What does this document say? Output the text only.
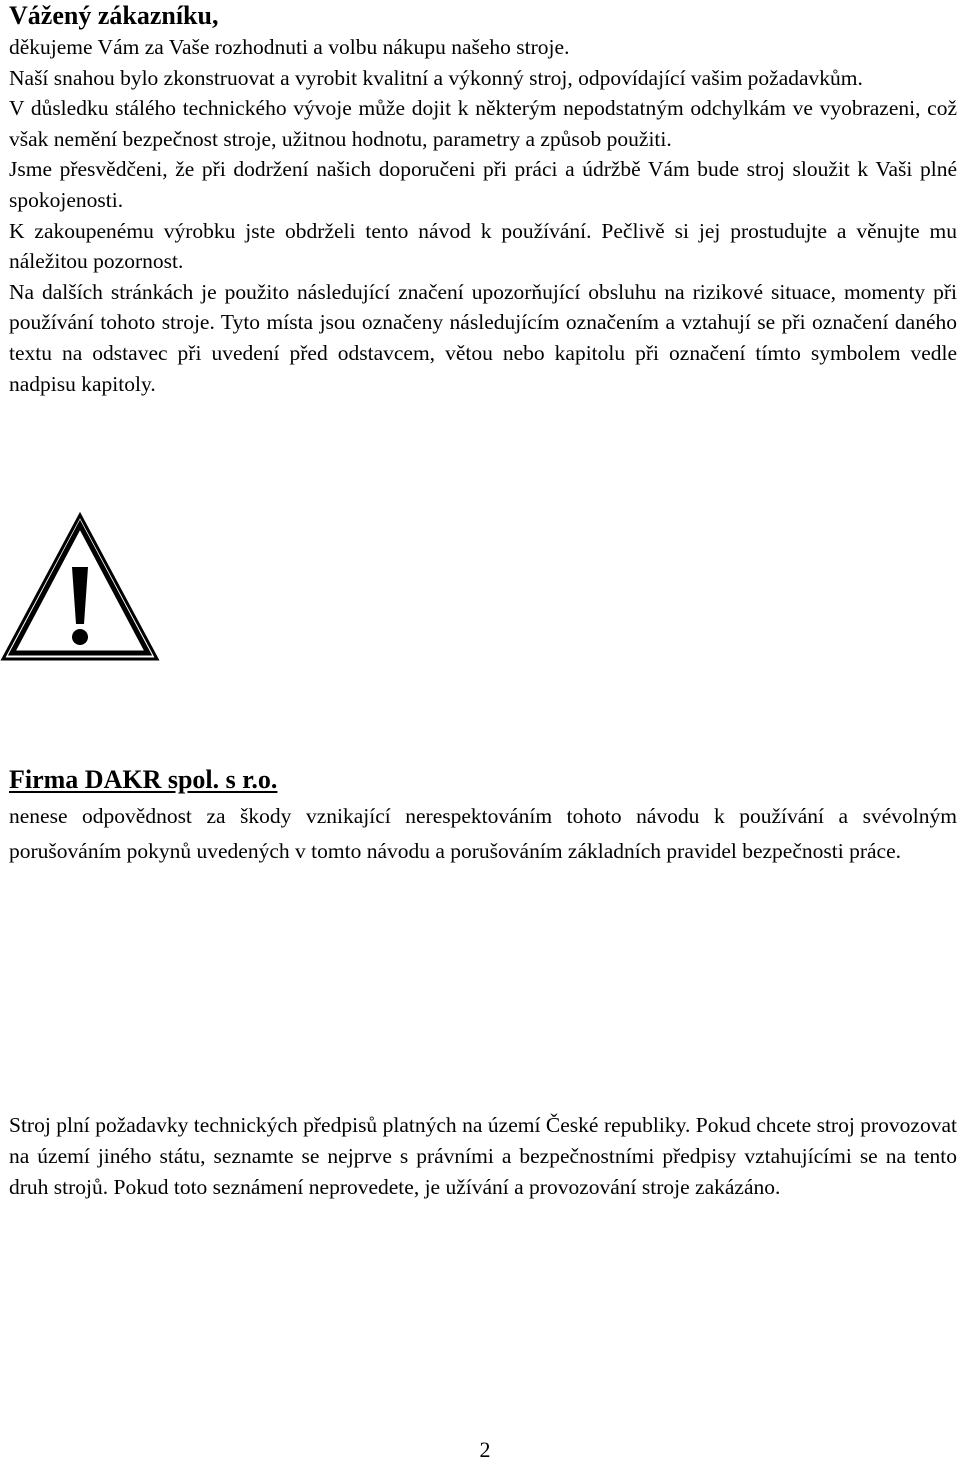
Vážený zákazníku,

děkujeme Vám za Vaše rozhodnuti a volbu nákupu našeho stroje.

Naší snahou bylo zkonstruovat a vyrobit kvalitní a výkonný stroj, odpovídající vašim požadavkům.

V důsledku stálého technického vývoje může dojit k některým nepodstatným odchylkám ve vyobrazeni, což však nemění bezpečnost stroje, užitnou hodnotu, parametry a způsob použiti.

Jsme přesvědčeni, že při dodržení našich doporučeni při práci a údržbě Vám bude stroj sloužit k Vaši plné spokojenosti.

K zakoupenému výrobku jste obdrželi tento návod k používání. Pečlivě si jej prostudujte a věnujte mu náležitou pozornost.

Na dalších stránkách je použito následující značení upozorňující obsluhu na rizikové situace, momenty při používání tohoto stroje. Tyto místa jsou označeny následujícím označením a vztahují se při označení daného textu na odstavec při uvedení před odstavcem, větou nebo kapitolu při označení tímto symbolem vedle nadpisu kapitoly.

Firma DAKR spol. s r.o.

nenese odpovědnost za škody vznikající nerespektováním tohoto návodu k používání a svévolným porušováním pokynů uvedených v tomto návodu a porušováním základních pravidel bezpečnosti práce.

Stroj plní požadavky technických předpisů platných na území České republiky. Pokud chcete stroj provozovat na území jiného státu, seznamte se nejprve s právními a bezpečnostními předpisy vztahujícími se na tento druh strojů. Pokud toto seznámení neprovedete, je užívání a provozování stroje zakázáno.

2
